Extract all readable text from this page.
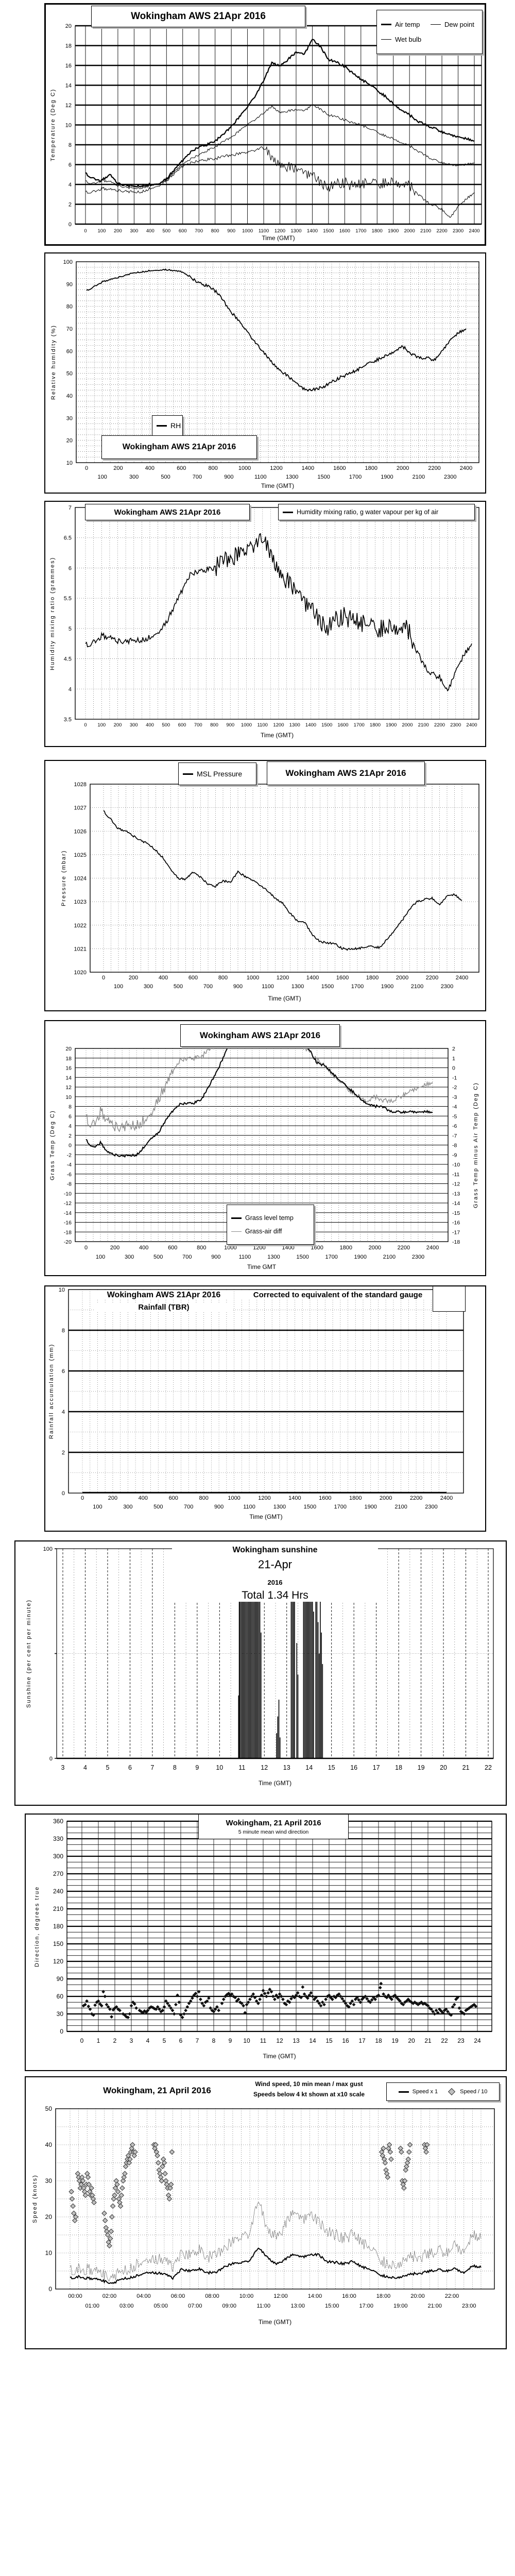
0
2
4
6
8
10
12
14
16
18
20
0 100 200 300 400 500 600 700 800 900 1000 1100 1200 1300 1400 1500 1600 1700 1800 1900 2000 2100 2200 2300 2400
Wokingham AWS 21Apr 2016
Air temp	Dew point
Wet bulb
Temperature (Deg C)
Time (GMT)
10
20
30
40
50
60
70
80
90
100
0
100
200
300
400
500
600
700
800
900
1000
1100
1200
1300
1400
1500
1600
1700
1800
1900
2000
2100
2200
2300
2400
RH
Wokingham AWS 21Apr 2016
Relative humidity (%)
Time (GMT)
3.5
4
4.5
5
5.5
6
6.5
7
0 100 200 300 400 500 600 700 800 900 1000 1100 1200 1300 1400 1500 1600 1700 1800 1900 2000 2100 2200 2300 2400
Wokingham AWS 21Apr 2016	Humidity mixing ratio, g water vapour per kg of air
Humidity mixing ratio (grammes)
Time (GMT)
1020
1021
1022
1023
1024
1025
1026
1027
1028
0
100
200
300
400
500
600
700
800
900
1000
1100
1200
1300
1400
1500
1600
1700
1800
1900
2000
2100
2200
2300
2400
MSL Pressure	Wokingham AWS 21Apr 2016
Pressure (mbar)
Time (GMT)
-20
-18
-16
-14
-12
-10
-8
-6
-4
-2
0
2
4
6
8
10
12
14
16
18
20
-18
-17
-16
-15
-14
-13
-12
-11
-10
-9
-8
-7
-6
-5
-4
-3
-2
-1
0
1
2
0
100
200
300
400
500
600
700
800
900
1000
1100
1200
1300
1400
1500
1600
1700
1800
1900
2000
2100
2200
2300
2400
Wokingham AWS 21Apr 2016
Grass level temp
Grass-air diff
Grass Temp (Deg C)	Grass Temp minus Air Temp (Deg C)
Time GMT
0
2
4
6
8
10
0
100
200
300
400
500
600
700
800
900
1000
1100
1200
1300
1400
1500
1600
1700
1800
1900
2000
2100
2200
2300
2400
Wokingham AWS 21Apr 2016
Rainfall (TBR)
Corrected to equivalent of the standard gauge
Rainfall accumulation (mm)
Time (GMT)
0
100
3	4	5	6	7	8	9	10 11 12 13 14 15 16 17 18 19 20 21 22
Wokingham sunshine
21-Apr
2016
Total 1.34 Hrs
Sunshine (per cent per minute)
Time (GMT)
0
30
60
90
120
150
180
210
240
270
300
330
360
0 1 2 3 4 5 6 7 8 9 10 11 12 13 14 15 16 17 18 19 20 21 22 23 24
Wokingham, 21 April 2016
5 minute mean wind direction
Direction, degrees true
Time (GMT)
0
10
20
30
40
50
00:00
01:00
02:00
03:00
04:00
05:00
06:00
07:00
08:00
09:00
10:00
11:00
12:00
13:00
14:00
15:00
16:00
17:00
18:00
19:00
20:00
21:00
22:00
23:00
Wokingham, 21 April 2016
Wind speed, 10 min mean / max gust
Speeds below 4 kt shown at x10 scale	Speed x 1	Speed / 10
Speed (knots)
Time (GMT)
